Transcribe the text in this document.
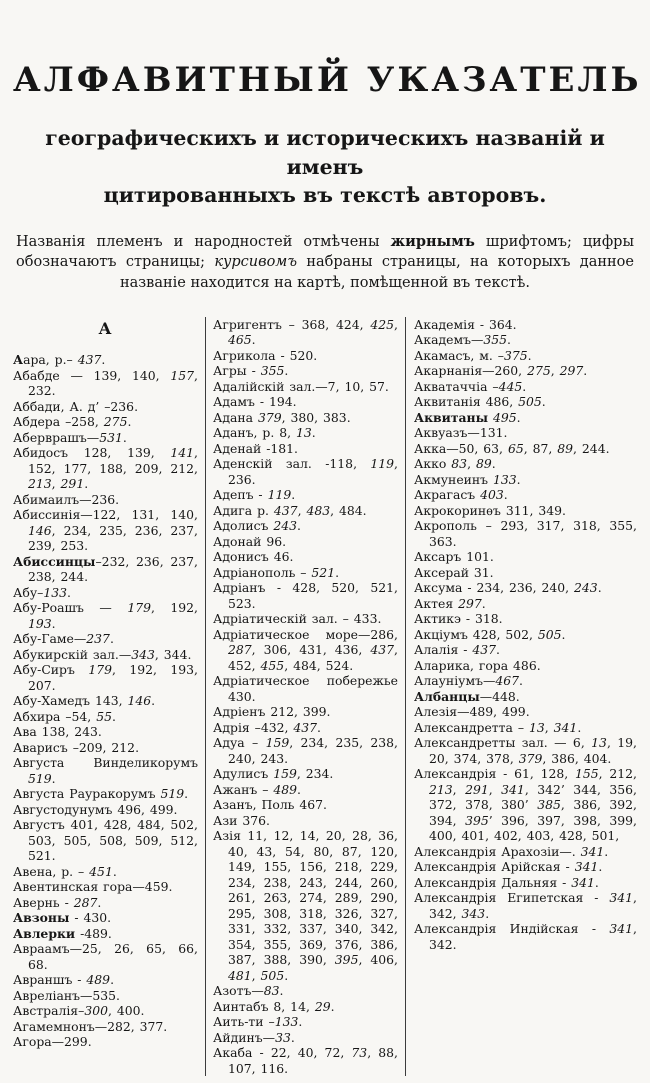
АЛФАВИТНЫЙ УКАЗАТЕЛЬ
географическихъ и историческихъ названій и именъ
цитированныхъ въ текстѣ авторовъ.

Названія племенъ и народностей отмѣчены жирнымъ шрифтомъ; цифры обозначаютъ страницы; курсивомъ набраны страницы, на которыхъ данное названіе находится на картѣ, помѣщенной въ текстѣ.

А

Аара, р.– 437.

Абабде — 139, 140, 157, 232.

Аббади, А. д’ –236.

Абдера –258, 275.

Аберврашъ—531.

Абидосъ 128, 139, 141, 152, 177, 188, 209, 212, 213, 291.

Абимаилъ—236.

Абиссинія—122, 131, 140, 146, 234, 235, 236, 237, 239, 253.

Абиссинцы–232, 236, 237, 238, 244.

Абу–133.

Абу-Роашъ — 179, 192, 193.

Абу-Гаме—237.

Абукирскій зал.—343, 344.

Абу-Сиръ 179, 192, 193, 207.

Абу-Хамедъ 143, 146.

Абхира –54, 55.

Ава 138, 243.

Аварисъ –209, 212.

Августа Винделикорумъ 519.

Августа Рауракорумъ 519.

Августодунумъ 496, 499.

Августъ 401, 428, 484, 502, 503, 505, 508, 509, 512, 521.

Авена, р. – 451.

Авентинская гора—459.

Авернь - 287.

Авзоны - 430.

Авлерки -489.

Авраамъ—25, 26, 65, 66, 68.

Авраншъ - 489.

Авреліанъ—535.

Австралія–300, 400.

Агамемнонъ—282, 377.

Агора—299.

Агригентъ – 368, 424, 425, 465.

Агрикола - 520.

Агры - 355.

Адалійскій зал.—7, 10, 57.

Адамъ - 194.

Адана 379, 380, 383.

Аданъ, р. 8, 13.

Аденай -181.

Аденскій зал. -118, 119, 236.

Адепъ - 119.

Адига р. 437, 483, 484.

Адолисъ 243.

Адонай 96.

Адонисъ 46.

Адріанополь – 521.

Адріанъ - 428, 520, 521, 523.

Адріатическій зал. – 433.

Адріатическое море—286, 287, 306, 431, 436, 437, 452, 455, 484, 524.

Адріатическое побережье 430.

Адріенъ 212, 399.

Адрія –432, 437.

Адуа – 159, 234, 235, 238, 240, 243.

Адулисъ 159, 234.

Ажанъ – 489.

Азанъ, Поль 467.

Ази 376.

Азія 11, 12, 14, 20, 28, 36, 40, 43, 54, 80, 87, 120, 149, 155, 156, 218, 229, 234, 238, 243, 244, 260, 261, 263, 274, 289, 290, 295, 308, 318, 326, 327, 331, 332, 337, 340, 342, 354, 355, 369, 376, 386, 387, 388, 390, 395, 406, 481, 505.

Азотъ—83.

Аинтабъ 8, 14, 29.

Аить-ти –133.

Айдинъ—33.

Акаба - 22, 40, 72, 73, 88, 107, 116.

Академія - 364.

Академъ—355.

Акамасъ, м. –375.

Акарнанія—260, 275, 297.

Акватаччіа –445.

Аквитанія 486, 505.

Аквитаны 495.

Аквуазъ—131.

Акка—50, 63, 65, 87, 89, 244.

Акко 83, 89.

Акмунеинъ 133.

Акрагасъ 403.

Акрокоринѳъ 311, 349.

Акрополь – 293, 317, 318, 355, 363.

Аксаръ 101.

Аксерай 31.

Аксума - 234, 236, 240, 243.

Актея 297.

Актикэ - 318.

Акціумъ 428, 502, 505.

Алалія - 437.

Аларика, гора 486.

Алауніумъ—467.

Албанцы—448.

Алезія—489, 499.

Александретта – 13, 341.

Александретты зал. — 6, 13, 19, 20, 374, 378, 379, 386, 404.

Александрія - 61, 128, 155, 212, 213, 291, 341, 342’ 344, 356, 372, 378, 380’ 385, 386, 392, 394, 395’ 396, 397, 398, 399, 400, 401, 402, 403, 428, 501,

Александрія Арахозіи—. 341.

Александрія Арійская - 341.

Александрія Дальняя - 341.

Александрія Египетская - 341, 342, 343.

Александрія Индійская - 341, 342.
